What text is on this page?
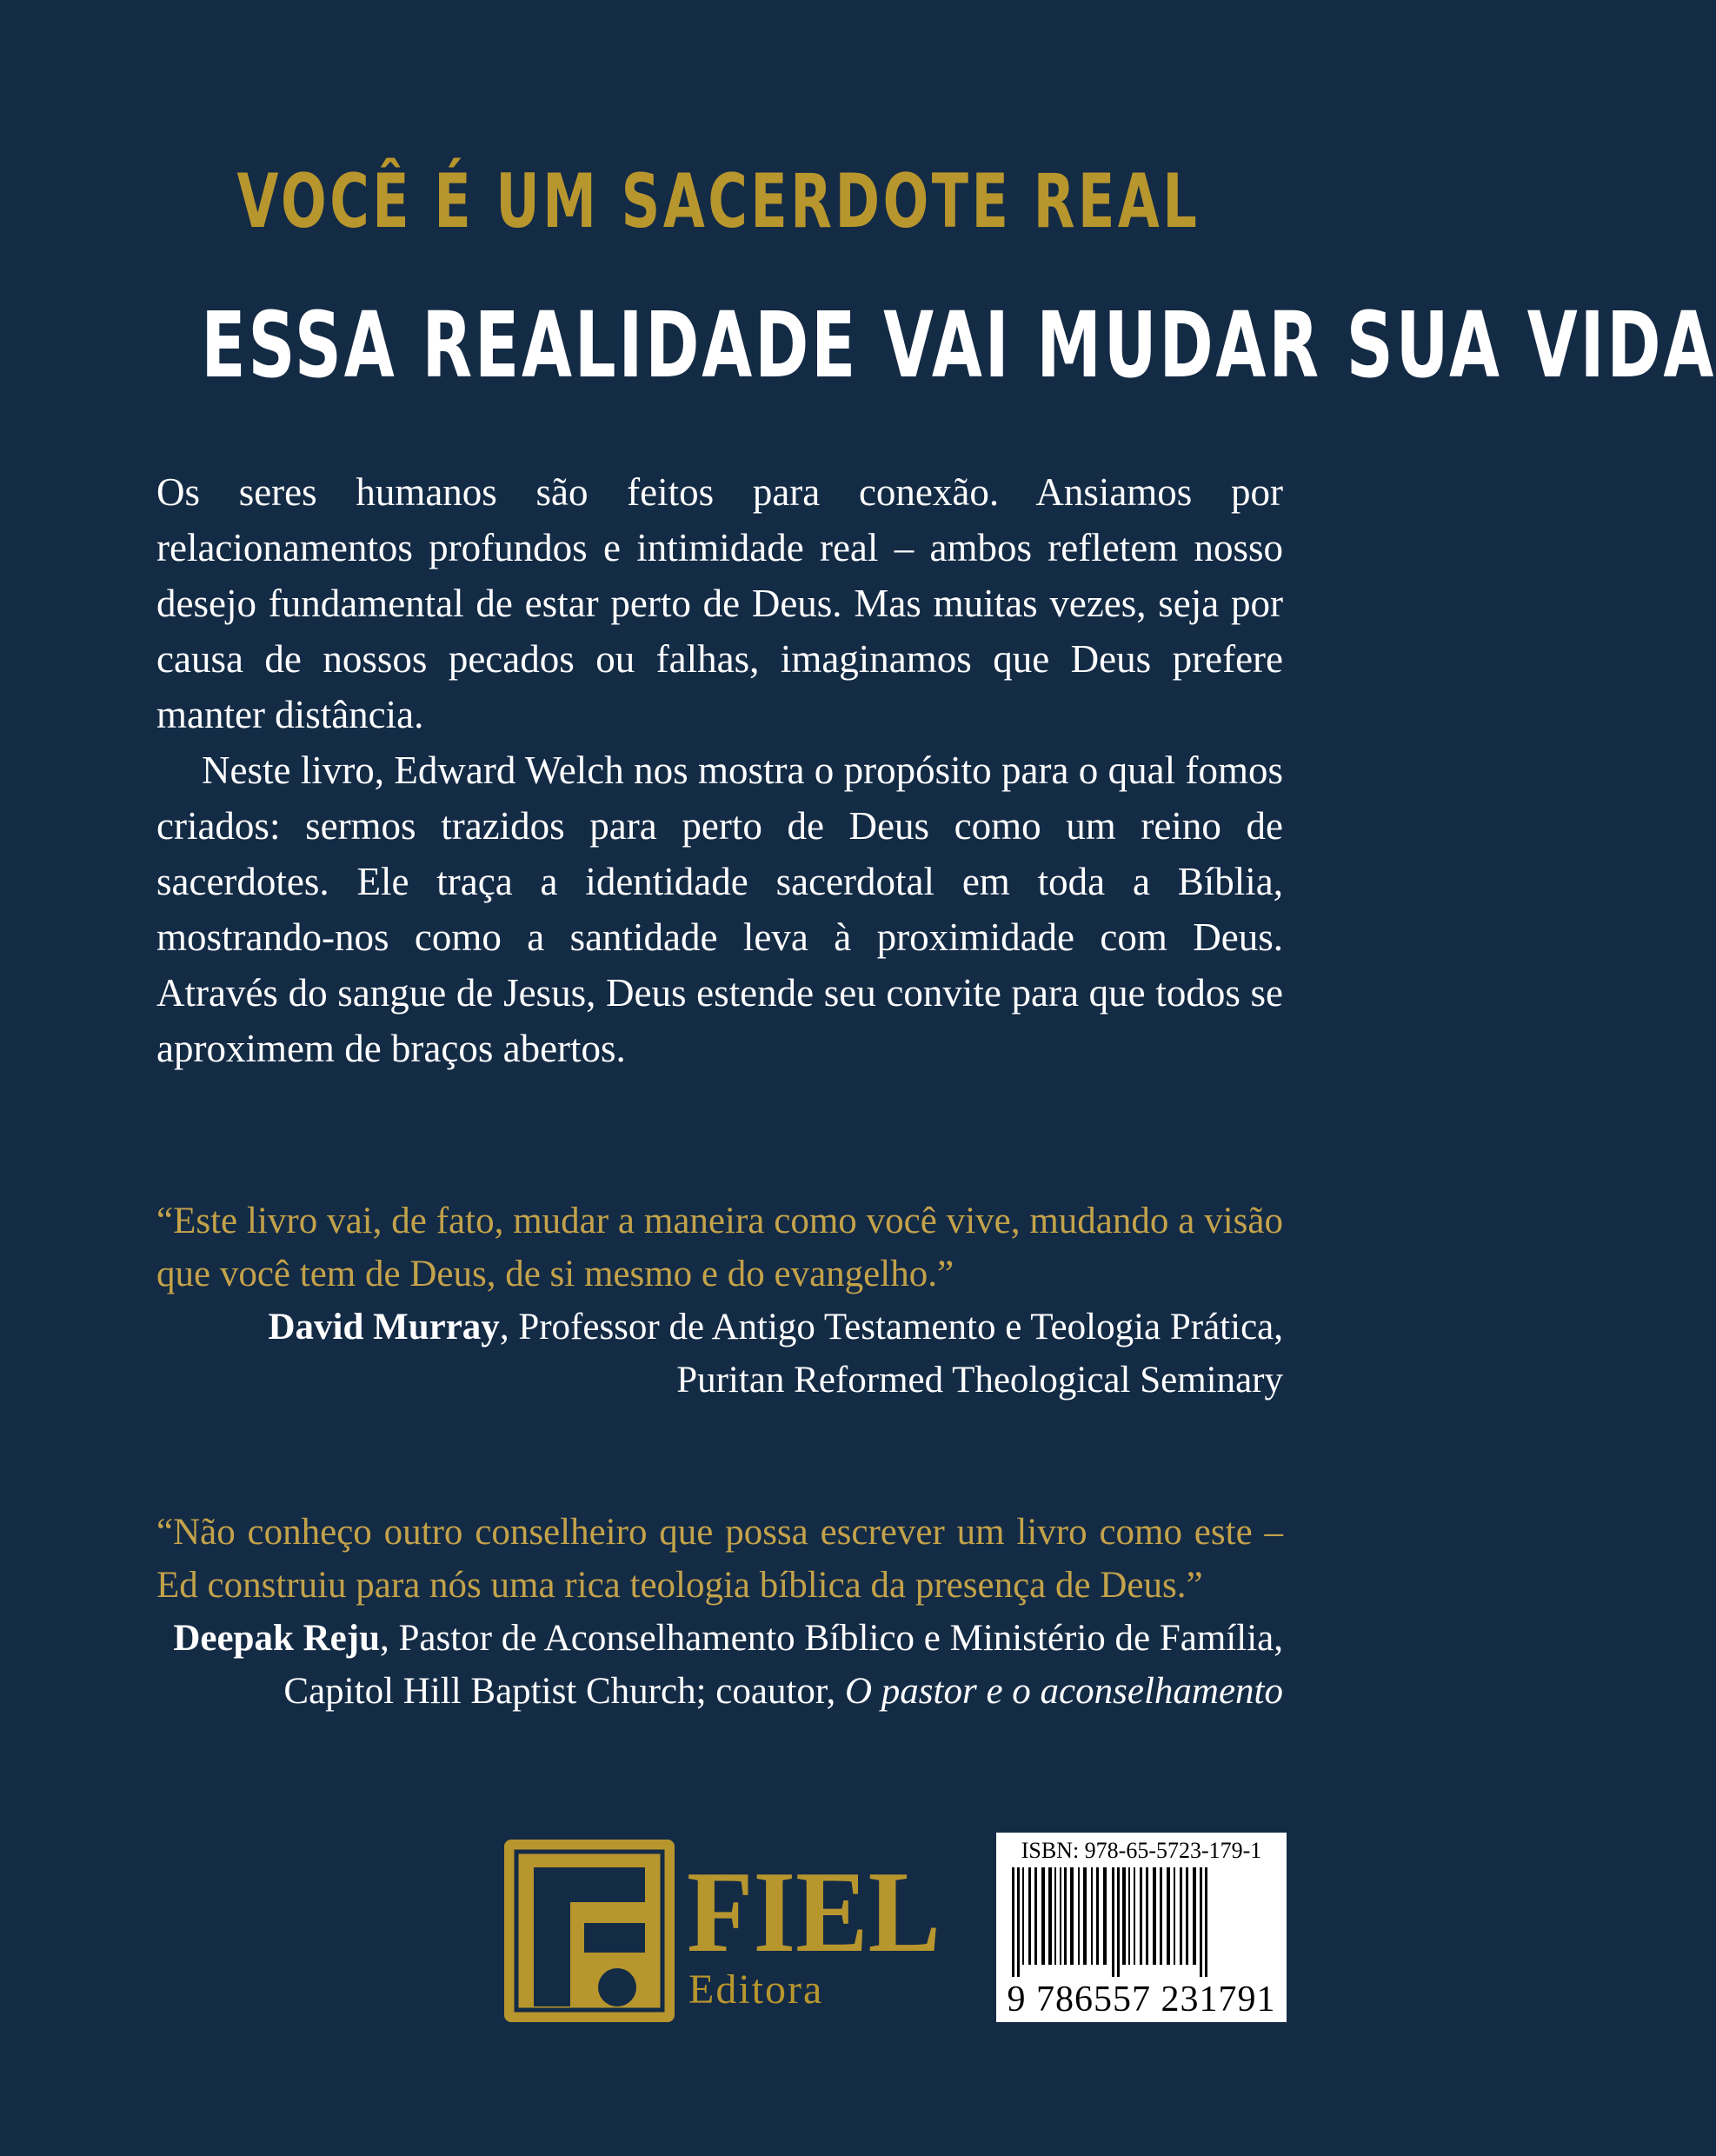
VOCÊ É UM SACERDOTE REAL
ESSA REALIDADE VAI MUDAR SUA VIDA

Os seres humanos são feitos para conexão. Ansiamos por relacionamentos profundos e intimidade real – ambos refletem nosso desejo fundamental de estar perto de Deus. Mas muitas vezes, seja por causa de nossos pecados ou falhas, imaginamos que Deus prefere manter distância.

Neste livro, Edward Welch nos mostra o propósito para o qual fomos criados: sermos trazidos para perto de Deus como um reino de sacerdotes. Ele traça a identidade sacerdotal em toda a Bíblia, mostrando-nos como a santidade leva à proximidade com Deus. Através do sangue de Jesus, Deus estende seu convite para que todos se aproximem de braços abertos.

“Este livro vai, de fato, mudar a maneira como você vive, mudando a visão que você tem de Deus, de si mesmo e do evangelho.”

David Murray, Professor de Antigo Testamento e Teologia Prática, Puritan Reformed Theological Seminary

“Não conheço outro conselheiro que possa escrever um livro como este – Ed construiu para nós uma rica teologia bíblica da presença de Deus.”

Deepak Reju, Pastor de Aconselhamento Bíblico e Ministério de Família, Capitol Hill Baptist Church; coautor, O pastor e o aconselhamento

FIEL
Editora
ISBN: 978-65-5723-179-1
9 786557 231791
